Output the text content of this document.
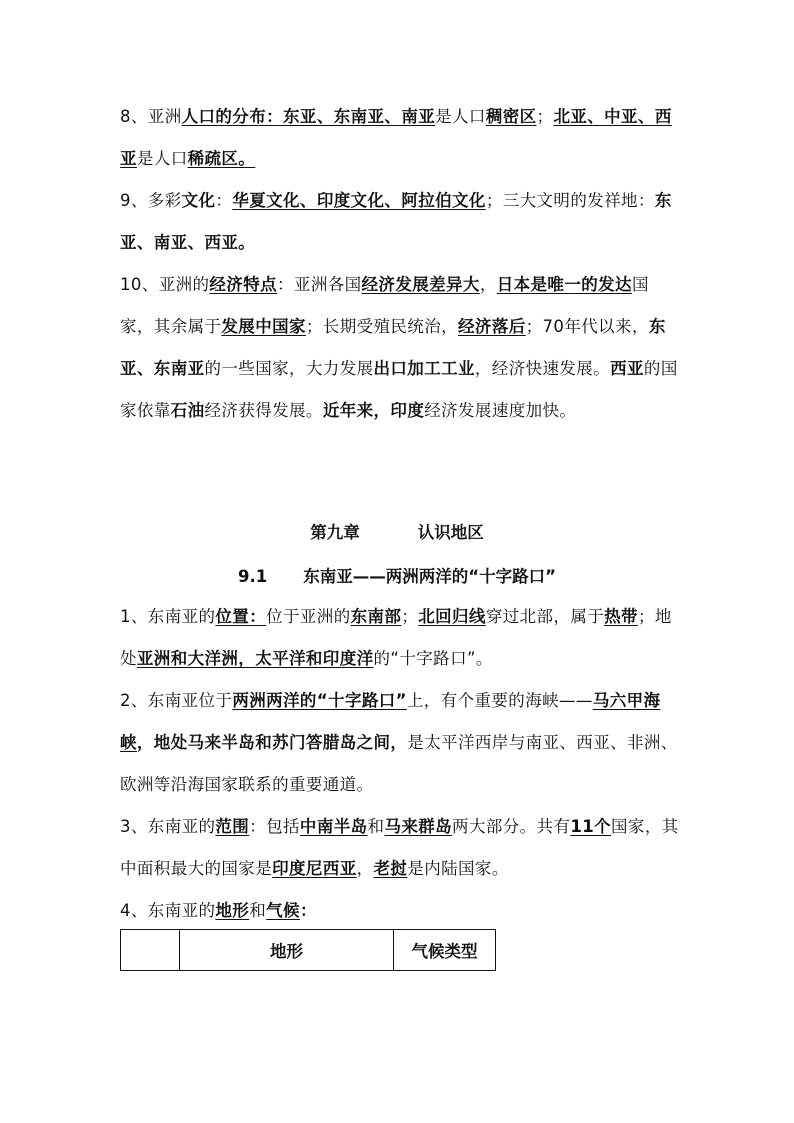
8、亚洲人口的分布：东亚、东南亚、南亚是人口稠密区；北亚、中亚、西亚是人口稀疏区。

9、多彩文化：华夏文化、印度文化、阿拉伯文化；三大文明的发祥地：东亚、南亚、西亚。

10、亚洲的经济特点：亚洲各国经济发展差异大，日本是唯一的发达国家，其余属于发展中国家；长期受殖民统治，经济落后；70年代以来，东亚、东南亚的一些国家，大力发展出口加工工业，经济快速发展。西亚的国家依靠石油经济获得发展。近年来，印度经济发展速度加快。

第九章	认识地区
9.1 东南亚——两洲两洋的“十字路口”

1、东南亚的位置：位于亚洲的东南部；北回归线穿过北部，属于热带；地处亚洲和大洋洲，太平洋和印度洋的“十字路口”。

2、东南亚位于两洲两洋的“十字路口”上，有个重要的海峡——马六甲海峡，地处马来半岛和苏门答腊岛之间，是太平洋西岸与南亚、西亚、非洲、欧洲等沿海国家联系的重要通道。

3、东南亚的范围：包括中南半岛和马来群岛两大部分。共有11个国家，其中面积最大的国家是印度尼西亚，老挝是内陆国家。

4、东南亚的地形和气候：

	地形	气候类型
